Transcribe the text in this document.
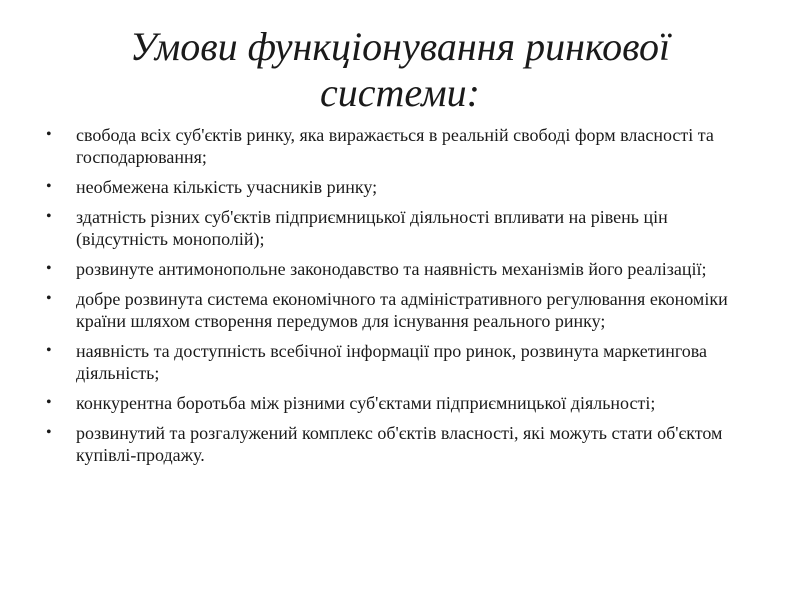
Умови функціонування ринкової
системи:
•	свобода всіх суб'єктів ринку, яка виражається в реальній свободі форм власності та господарювання;
•	необмежена кількість учасників ринку;
•	здатність різних суб'єктів підприємницької діяльності впливати на рівень цін (відсутність монополій);
•	розвинуте антимонопольне законодавство та наявність механізмів його реалізації;
•	добре розвинута система економічного та адміністративного регулювання економіки країни шляхом створення передумов для існування реального ринку;
•	наявність та доступність всебічної інформації про ринок, розвинута маркетингова діяльність;
•	конкурентна боротьба між різними суб'єктами підприємницької діяльності;
•	розвинутий та розгалужений комплекс об'єктів власності, які можуть стати об'єктом купівлі-продажу.
